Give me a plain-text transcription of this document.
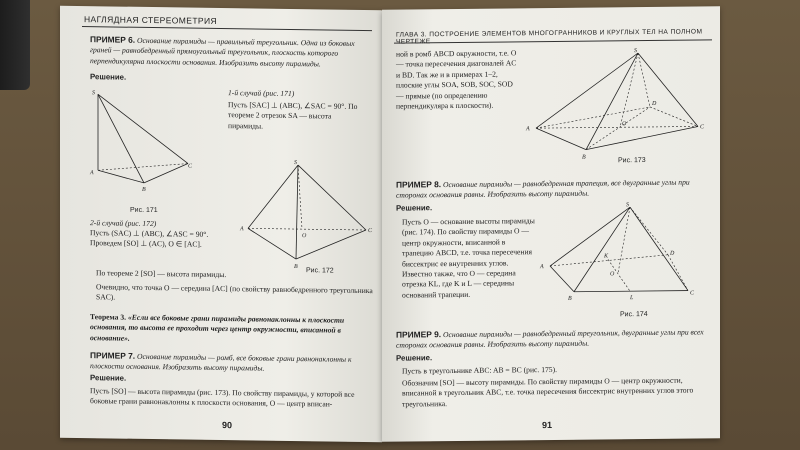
НАГЛЯДНАЯ СТЕРЕОМЕТРИЯ

ПРИМЕР 6. Основание пирамиды — правильный треугольник. Одна из боковых граней — равнобедренный прямоугольный треугольник, плоскость которого перпендикулярна плоскости основания. Изобразить высоту пирамиды.

Решение.
S
A
B
C
Рис. 171
1-й случай (рис. 171)

Пусть [SAC] ⊥ (ABC), ∠SAC = 90°. По теореме 2 отрезок SA — высота пирамиды.

2-й случай (рис. 172)

Пусть (SAC) ⊥ (ABC), ∠ASC = 90°. Проведем [SO] ⊥ (AC), O ∈ [AC].

S
A
O
C
B
Рис. 172

По теореме 2 [SO] — высота пирамиды.

Очевидно, что точка O — середина [AC] (по свойству равнобедренного треугольника SAC).

Теорема 3. «Если все боковые грани пирамиды равнонаклонны к плоскости основания, то высота ее проходит через центр окружности, вписанной в основание».

ПРИМЕР 7. Основание пирамиды — ромб, все боковые грани равнонаклонны к плоскости основания. Изобразить высоту пирамиды.

Решение.

Пусть [SO] — высота пирамиды (рис. 173). По свойству пирамиды, у которой все боковые грани равнонаклонны к плоскости основания, O — центр вписан-

90
ГЛАВА 3. ПОСТРОЕНИЕ ЭЛЕМЕНТОВ МНОГОГРАННИКОВ И КРУГЛЫХ ТЕЛ НА ПОЛНОМ

ной в ромб ABCD окружности, т.е. O — точка пересечения диагоналей AC и BD. Так же и в примерах 1–2, плоские углы SOA, SOB, SOC, SOD — прямые (по определению перпендикуляра к плоскости).

S
A
B
C
D
O
Рис. 173

ПРИМЕР 8. Основание пирамиды — равнобедренная трапеция, все двугранные углы при сторонах основания равны. Изобразить высоту пирамиды.

Решение.

Пусть O — основание высоты пирамиды (рис. 174). По свойству пирамиды O — центр окружности, вписанной в трапецию ABCD, т.е. точка пересечения биссектрис ее внутренних углов. Известно также, что O — середина отрезка KL, где K и L — середины оснований трапеции.

S
A
B
C
D
O
K
L
Рис. 174

ПРИМЕР 9. Основание пирамиды — равнобедренный треугольник, двугранные углы при всех сторонах основания равны. Изобразить высоту пирамиды.

Решение.

Пусть в треугольнике ABC: AB = BC (рис. 175).

Обозначим [SO] — высоту пирамиды. По свойству пирамиды O — центр окружности, вписанной в треугольник ABC, т.е. точка пересечения биссектрис внутренних углов этого треугольника.

91
